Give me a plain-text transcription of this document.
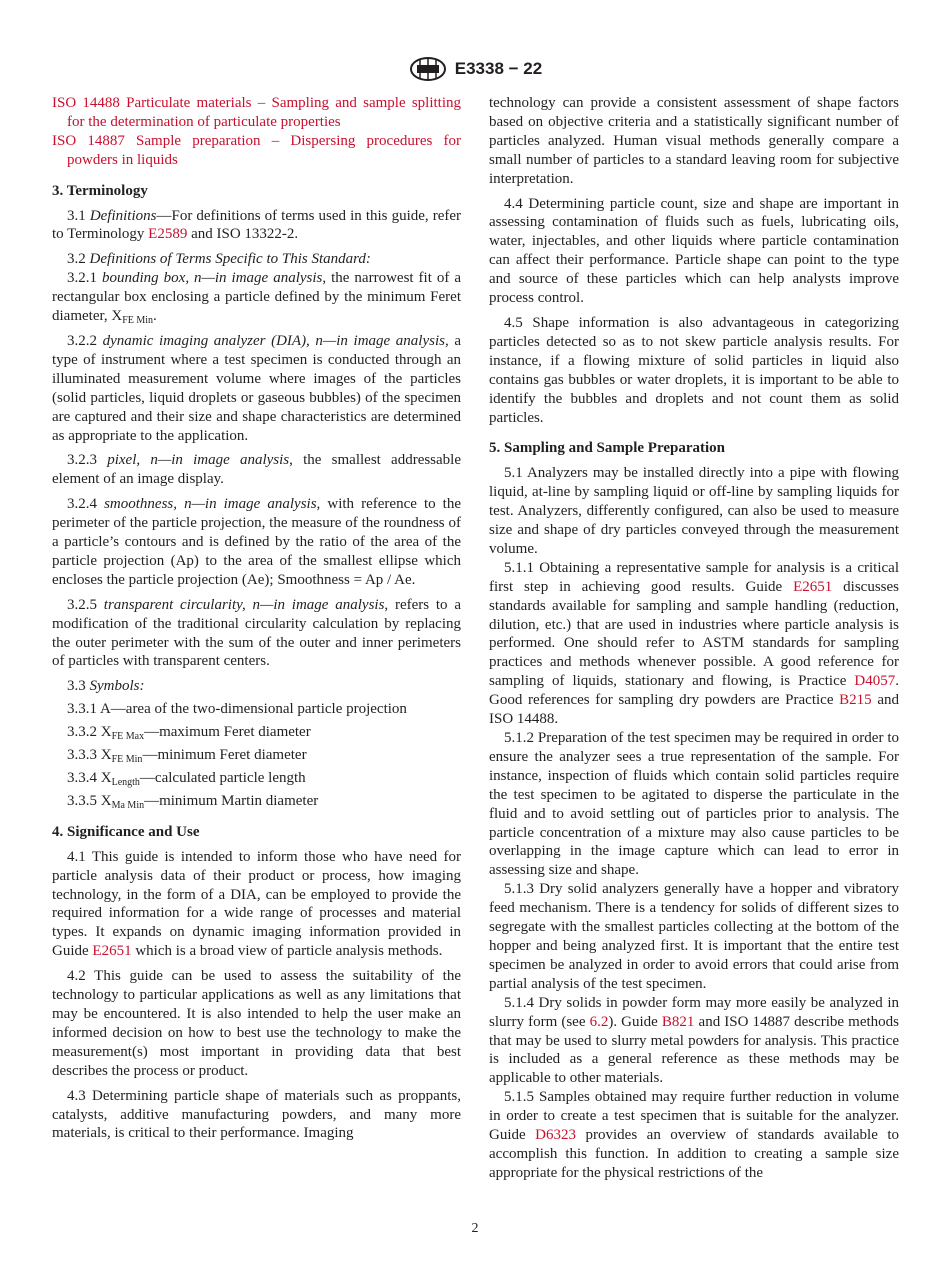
E3338 − 22

ISO 14488 Particulate materials – Sampling and sample splitting for the determination of particulate properties

ISO 14887 Sample preparation – Dispersing procedures for powders in liquids

3. Terminology

3.1 Definitions—For definitions of terms used in this guide, refer to Terminology E2589 and ISO 13322-2.

3.2 Definitions of Terms Specific to This Standard:

3.2.1 bounding box, n—in image analysis, the narrowest fit of a rectangular box enclosing a particle defined by the minimum Feret diameter, $X_{FE Min}$.

3.2.2 dynamic imaging analyzer (DIA), n—in image analysis, a type of instrument where a test specimen is conducted through an illuminated measurement volume where images of the particles (solid particles, liquid droplets or gaseous bubbles) of the specimen are captured and their size and shape characteristics are determined as appropriate to the application.

3.2.3 pixel, n—in image analysis, the smallest addressable element of an image display.

3.2.4 smoothness, n—in image analysis, with reference to the perimeter of the particle projection, the measure of the roundness of a particle’s contours and is defined by the ratio of the area of the particle projection (Ap) to the area of the smallest ellipse which encloses the particle projection (Ae); Smoothness = Ap / Ae.

3.2.5 transparent circularity, n—in image analysis, refers to a modification of the traditional circularity calculation by replacing the outer perimeter with the sum of the outer and inner perimeters of particles with transparent centers.

3.3 Symbols:

3.3.1 A—area of the two-dimensional particle projection

3.3.2 $X_{FE Max}—maximum$ Feret diameter

3.3.3 $X_{FE Min}—minimum$ Feret diameter

3.3.4 $X_{Length}—calculated$ particle length

3.3.5 $X_{Ma Min}—minimum$ Martin diameter

4. Significance and Use

4.1 This guide is intended to inform those who have need for particle analysis data of their product or process, how imaging technology, in the form of a DIA, can be employed to provide the required information for a wide range of processes and material types. It expands on dynamic imaging information provided in Guide E2651 which is a broad view of particle analysis methods.

4.2 This guide can be used to assess the suitability of the technology to particular applications as well as any limitations that may be encountered. It is also intended to help the user make an informed decision on how to best use the technology to make the measurement(s) most important in providing data that best describes the process or product.

4.3 Determining particle shape of materials such as proppants, catalysts, additive manufacturing powders, and many more materials, is critical to their performance. Imaging

technology can provide a consistent assessment of shape factors based on objective criteria and a statistically significant number of particles analyzed. Human visual methods generally compare a small number of particles to a standard leaving room for subjective interpretation.

4.4 Determining particle count, size and shape are important in assessing contamination of fluids such as fuels, lubricating oils, water, injectables, and other liquids where particle contamination can affect their performance. Particle shape can point to the type and source of these particles which can help analysts improve process control.

4.5 Shape information is also advantageous in categorizing particles detected so as to not skew particle analysis results. For instance, if a flowing mixture of solid particles in liquid also contains gas bubbles or water droplets, it is important to be able to identify the bubbles and droplets and not count them as solid particles.

5. Sampling and Sample Preparation

5.1 Analyzers may be installed directly into a pipe with flowing liquid, at-line by sampling liquid or off-line by sampling liquids for test. Analyzers, differently configured, can also be used to measure size and shape of dry particles conveyed through the measurement volume.

5.1.1 Obtaining a representative sample for analysis is a critical first step in achieving good results. Guide E2651 discusses standards available for sampling and sample handling (reduction, dilution, etc.) that are used in industries where particle analysis is performed. One should refer to ASTM standards for sampling practices and methods whenever possible. A good reference for sampling of liquids, stationary and flowing, is Practice D4057. Good references for sampling dry powders are Practice B215 and ISO 14488.

5.1.2 Preparation of the test specimen may be required in order to ensure the analyzer sees a true representation of the sample. For instance, inspection of fluids which contain solid particles require the test specimen to be agitated to disperse the particulate in the fluid and to avoid settling out of particles prior to analysis. The particle concentration of a mixture may also cause particles to be overlapping in the image capture which can lead to error in assessing size and shape.

5.1.3 Dry solid analyzers generally have a hopper and vibratory feed mechanism. There is a tendency for solids of different sizes to segregate with the smallest particles collecting at the bottom of the hopper and being analyzed first. It is important that the entire test specimen be analyzed in order to avoid errors that could arise from partial analysis of the test specimen.

5.1.4 Dry solids in powder form may more easily be analyzed in slurry form (see 6.2). Guide B821 and ISO 14887 describe methods that may be used to slurry metal powders for analysis. This practice is included as a general reference as these methods may be applicable to other materials.

5.1.5 Samples obtained may require further reduction in volume in order to create a test specimen that is suitable for the analyzer. Guide D6323 provides an overview of standards available to accomplish this function. In addition to creating a sample size appropriate for the physical restrictions of the

2
